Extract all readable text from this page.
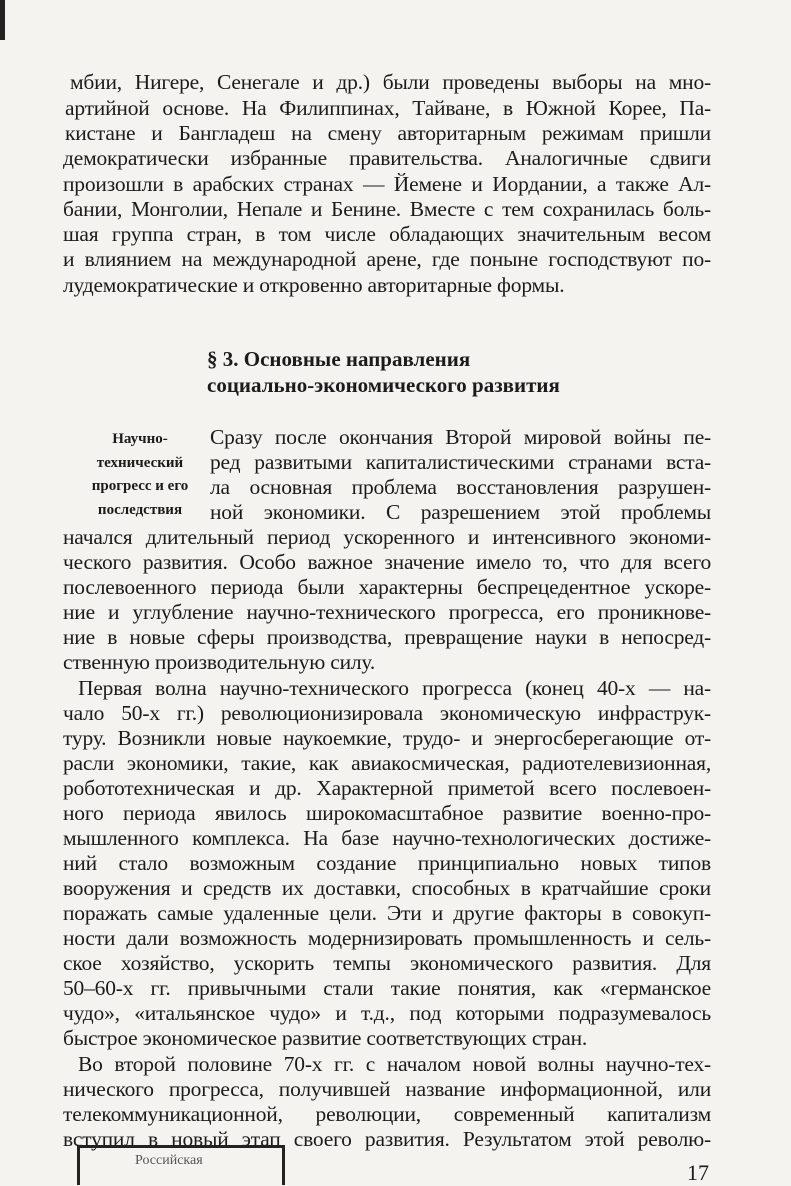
мбии, Нигере, Сенегале и др.) были проведены выборы на мно-
артийной основе. На Филиппинах, Тайване, в Южной Корее, Па-
кистане и Бангладеш на смену авторитарным режимам пришли
демократически избранные правительства. Аналогичные сдвиги
произошли в арабских странах — Йемене и Иордании, а также Ал-
бании, Монголии, Непале и Бенине. Вместе с тем сохранилась боль-
шая группа стран, в том числе обладающих значительным весом
и влиянием на международной арене, где поныне господствуют по-
лудемократические и откровенно авторитарные формы.
§ 3. Основные направления
социально-экономического развития
Научно-
технический
прогресс и его
последствия
Сразу после окончания Второй мировой войны пе-
ред развитыми капиталистическими странами вста-
ла основная проблема восстановления разрушен-
ной экономики. С разрешением этой проблемы
начался длительный период ускоренного и интенсивного экономи-
ческого развития. Особо важное значение имело то, что для всего
послевоенного периода были характерны беспрецедентное ускоре-
ние и углубление научно-технического прогресса, его проникнове-
ние в новые сферы производства, превращение науки в непосред-
ственную производительную силу.
Первая волна научно-технического прогресса (конец 40-х — на-
чало 50-х гг.) революционизировала экономическую инфраструк-
туру. Возникли новые наукоемкие, трудо- и энергосберегающие от-
расли экономики, такие, как авиакосмическая, радиотелевизионная,
робототехническая и др. Характерной приметой всего послевоен-
ного периода явилось широкомасштабное развитие военно-про-
мышленного комплекса. На базе научно-технологических достиже-
ний стало возможным создание принципиально новых типов
вооружения и средств их доставки, способных в кратчайшие сроки
поражать самые удаленные цели. Эти и другие факторы в совокуп-
ности дали возможность модернизировать промышленность и сель-
ское хозяйство, ускорить темпы экономического развития. Для
50–60-х гг. привычными стали такие понятия, как «германское
чудо», «итальянское чудо» и т.д., под которыми подразумевалось
быстрое экономическое развитие соответствующих стран.
Во второй половине 70-х гг. с началом новой волны научно-тех-
нического прогресса, получившей название информационной, или
телекоммуникационной, революции, современный капитализм
вступил в новый этап своего развития. Результатом этой револю-
Российская	17
